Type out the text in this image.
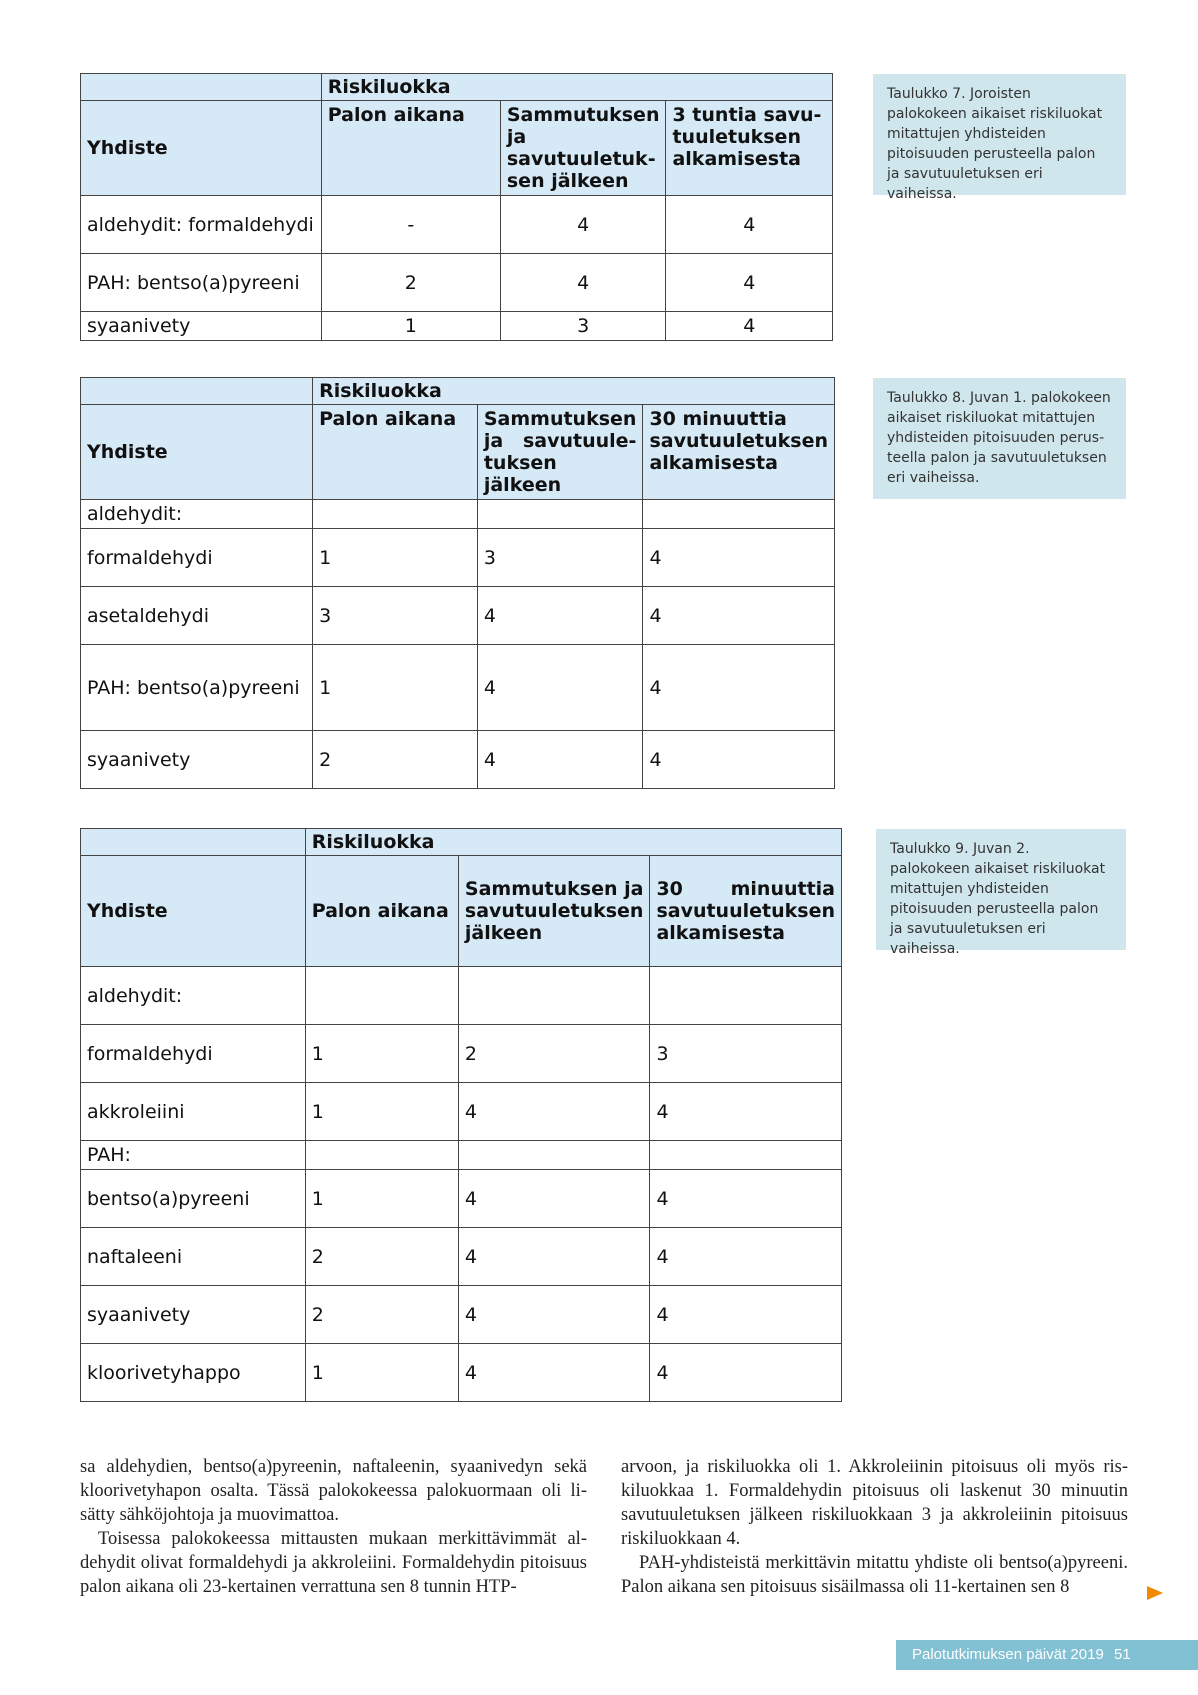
	Riskiluokka		
Yhdiste	Palon aikana	Sammutuksen ja savutuuletuksen jälkeen	3 tuntia savutuuletuksen alkamisesta
aldehydit: formaldehydi	-	4	4
PAH: bentso(a)pyreeni	2	4	4
syaanivety	1	3	4
Taulukko 7. Joroisten palokokeen aikaiset riskiluokat mitattujen yhdisteiden pitoisuuden perusteella palon ja savutuuletuksen eri vaiheissa.
	Riskiluokka		
Yhdiste	Palon aikana	Sammutuksen ja savutuuletuksen jälkeen	30 minuuttia savutuuletuksen alkamisesta
aldehydit:			
formaldehydi	1	3	4
asetaldehydi	3	4	4
PAH: bentso(a)pyreeni	1	4	4
syaanivety	2	4	4
Taulukko 8. Juvan 1. palokokeen aikaiset riskiluokat mitattujen yhdisteiden pitoisuuden perusteella palon ja savutuuletuksen eri vaiheissa.
	Riskiluokka		
Yhdiste	Palon aikana	Sammutuksen ja savutuuletuksen jälkeen	30 minuuttia savutuuletuksen alkamisesta
aldehydit:			
formaldehydi	1	2	3
akkroleiini	1	4	4
PAH:			
bentso(a)pyreeni	1	4	4
naftaleeni	2	4	4
syaanivety	2	4	4
kloorivetyhappo	1	4	4
Taulukko 9. Juvan 2. palokokeen aikaiset riskiluokat mitattujen yhdisteiden pitoisuuden perusteella palon ja savutuuletuksen eri vaiheissa.

sa aldehydien, bentso(a)pyreenin, naftaleenin, syaanivedyn sekä kloorivetyhapon osalta. Tässä palokokeessa palokuormaan oli lisätty sähköjohtoja ja muovimattoa.

Toisessa palokokeessa mittausten mukaan merkittävimmät aldehydit olivat formaldehydi ja akkroleiini. Formaldehydin pitoisuus palon aikana oli 23-kertainen verrattuna sen 8 tunnin HTP-

arvoon, ja riskiluokka oli 1. Akkroleiinin pitoisuus oli myös riskiluokkaa 1. Formaldehydin pitoisuus oli laskenut 30 minuutin savutuuletuksen jälkeen riskiluokkaan 3 ja akkroleiinin pitoisuus riskiluokkaan 4.

PAH-yhdisteistä merkittävin mitattu yhdiste oli bentso(a)pyreeni. Palon aikana sen pitoisuus sisäilmassa oli 11-kertainen sen 8

Palotutkimuksen päivät 2019 51
